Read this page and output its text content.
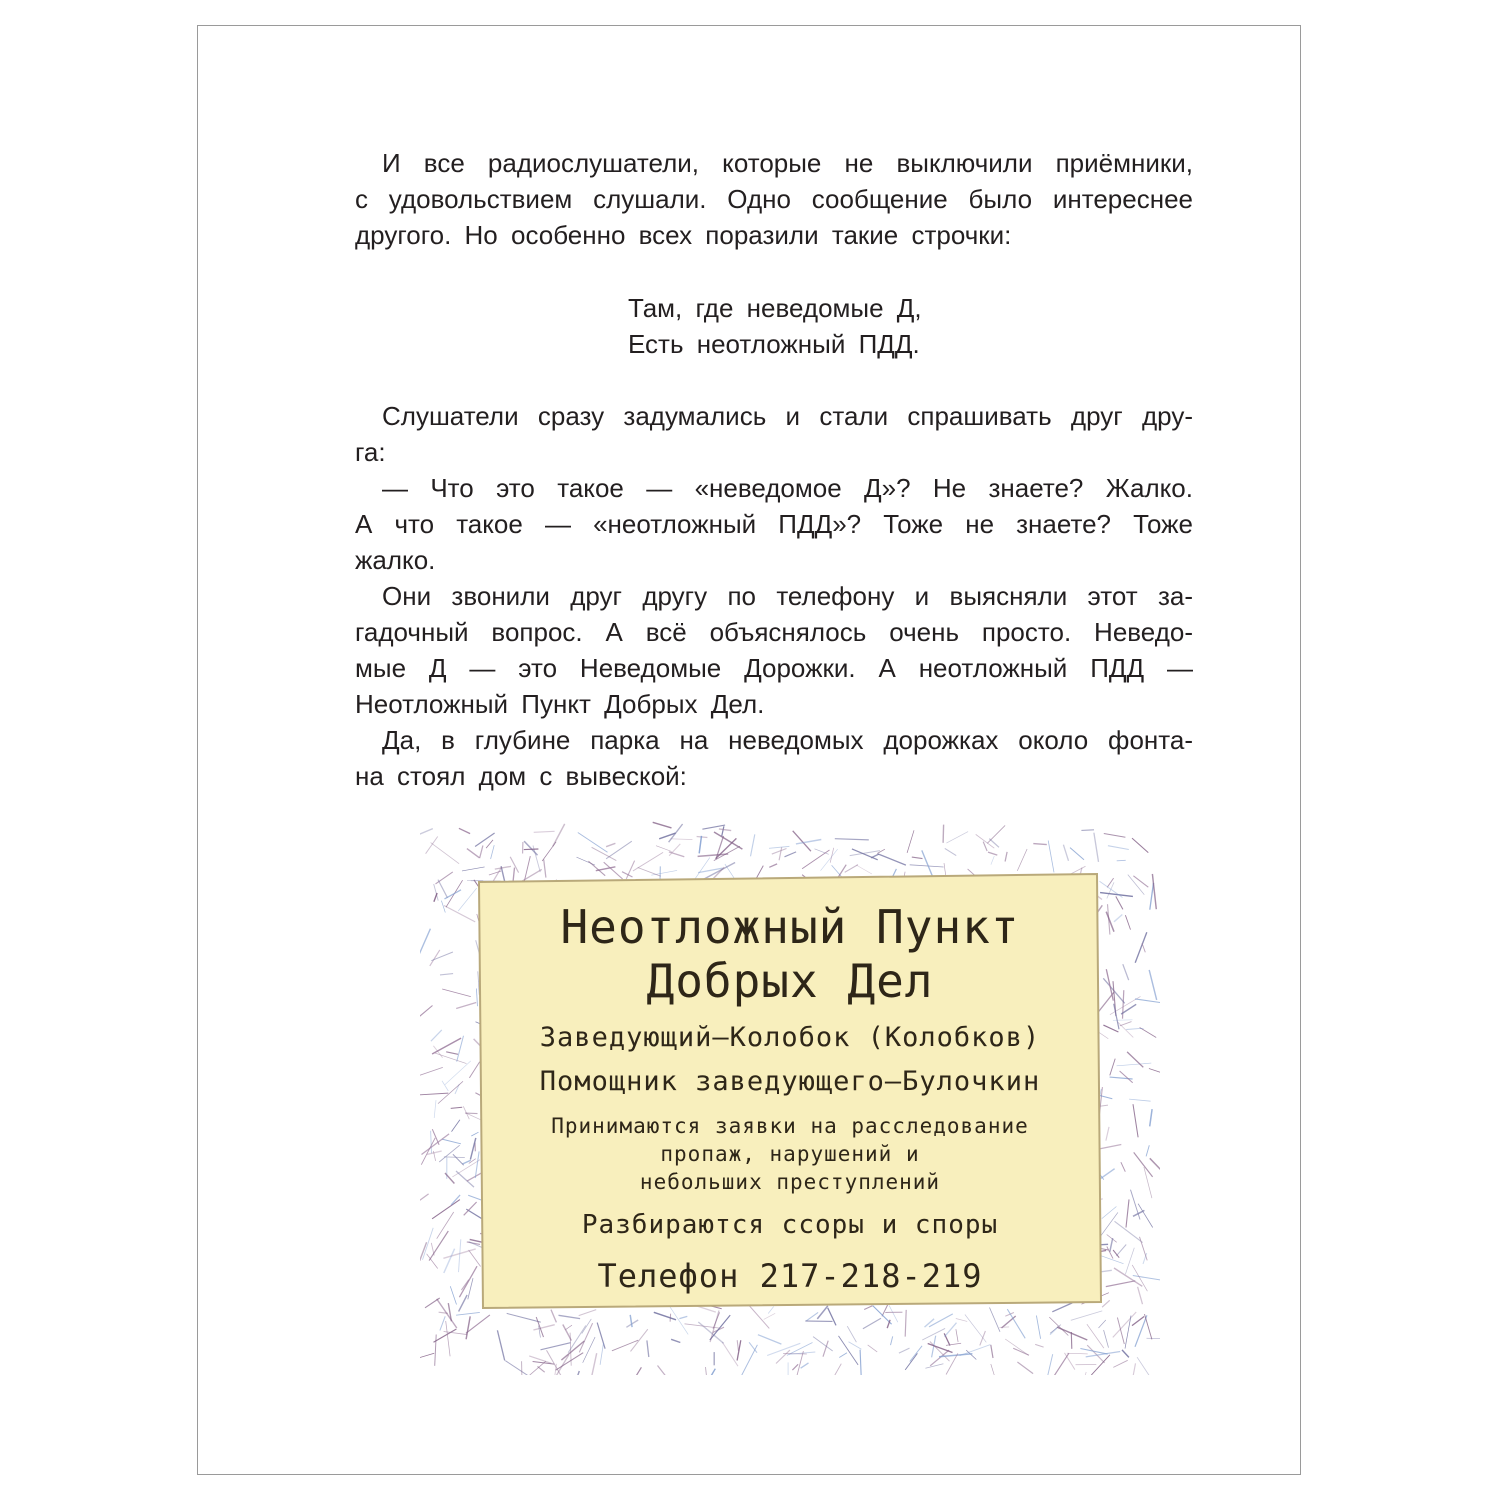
И все радиослушатели, которые не выключили приёмники,
с удовольствием слушали. Одно сообщение было интереснее
другого. Но особенно всех поразили такие строчки:
Там, где неведомые Д,
Есть неотложный ПДД.
Слушатели сразу задумались и стали спрашивать друг дру-
га:
— Что это такое — «неведомое Д»? Не знаете? Жалко.
А что такое — «неотложный ПДД»? Тоже не знаете? Тоже
жалко.
Они звонили друг другу по телефону и выясняли этот за-
гадочный вопрос. А всё объяснялось очень просто. Неведо-
мые Д — это Неведомые Дорожки. А неотложный ПДД —
Неотложный Пункт Добрых Дел.
Да, в глубине парка на неведомых дорожках около фонта-
на стоял дом с вывеской:
Неотложный Пункт
Добрых Дел
Заведующий—Колобок (Колобков)
Помощник заведующего—Булочкин
Принимаются заявки на расследование
пропаж, нарушений и
небольших преступлений
Разбираются ссоры и споры
Телефон 217-218-219
